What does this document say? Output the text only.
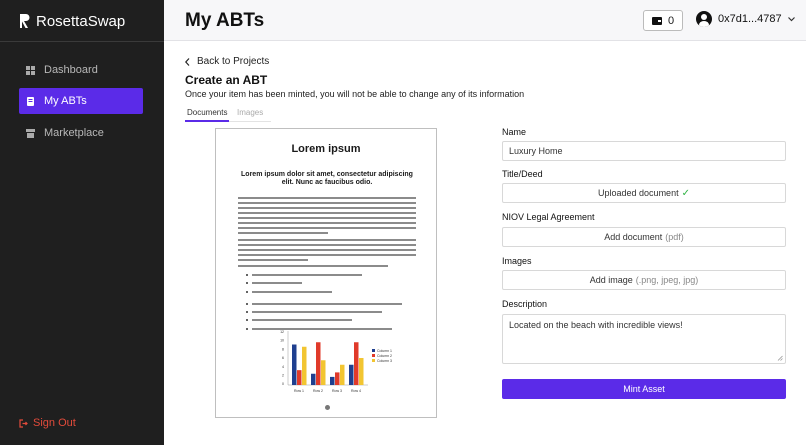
RosettaSwap
Dashboard
My ABTs
Marketplace
Sign Out
My ABTs	0	0x7d1...4787
Back to Projects
Create an ABT

Once your item has been minted, you will not be able to change any of its information

Documents Images
Lorem ipsum
Lorem ipsum dolor sit amet, consectetur adipiscing elit. Nunc ac faucibus odio.
12
10
8
6
4
2
0
Row 1	Row 2	Row 3	Row 4
Column 1
Column 2
Column 3
Name
Luxury Home
Title/Deed
Uploaded document ✓
NIOV Legal Agreement
Add document (pdf)
Images
Add image (.png, jpeg, jpg)
Description
Located on the beach with incredible views!
Mint Asset
